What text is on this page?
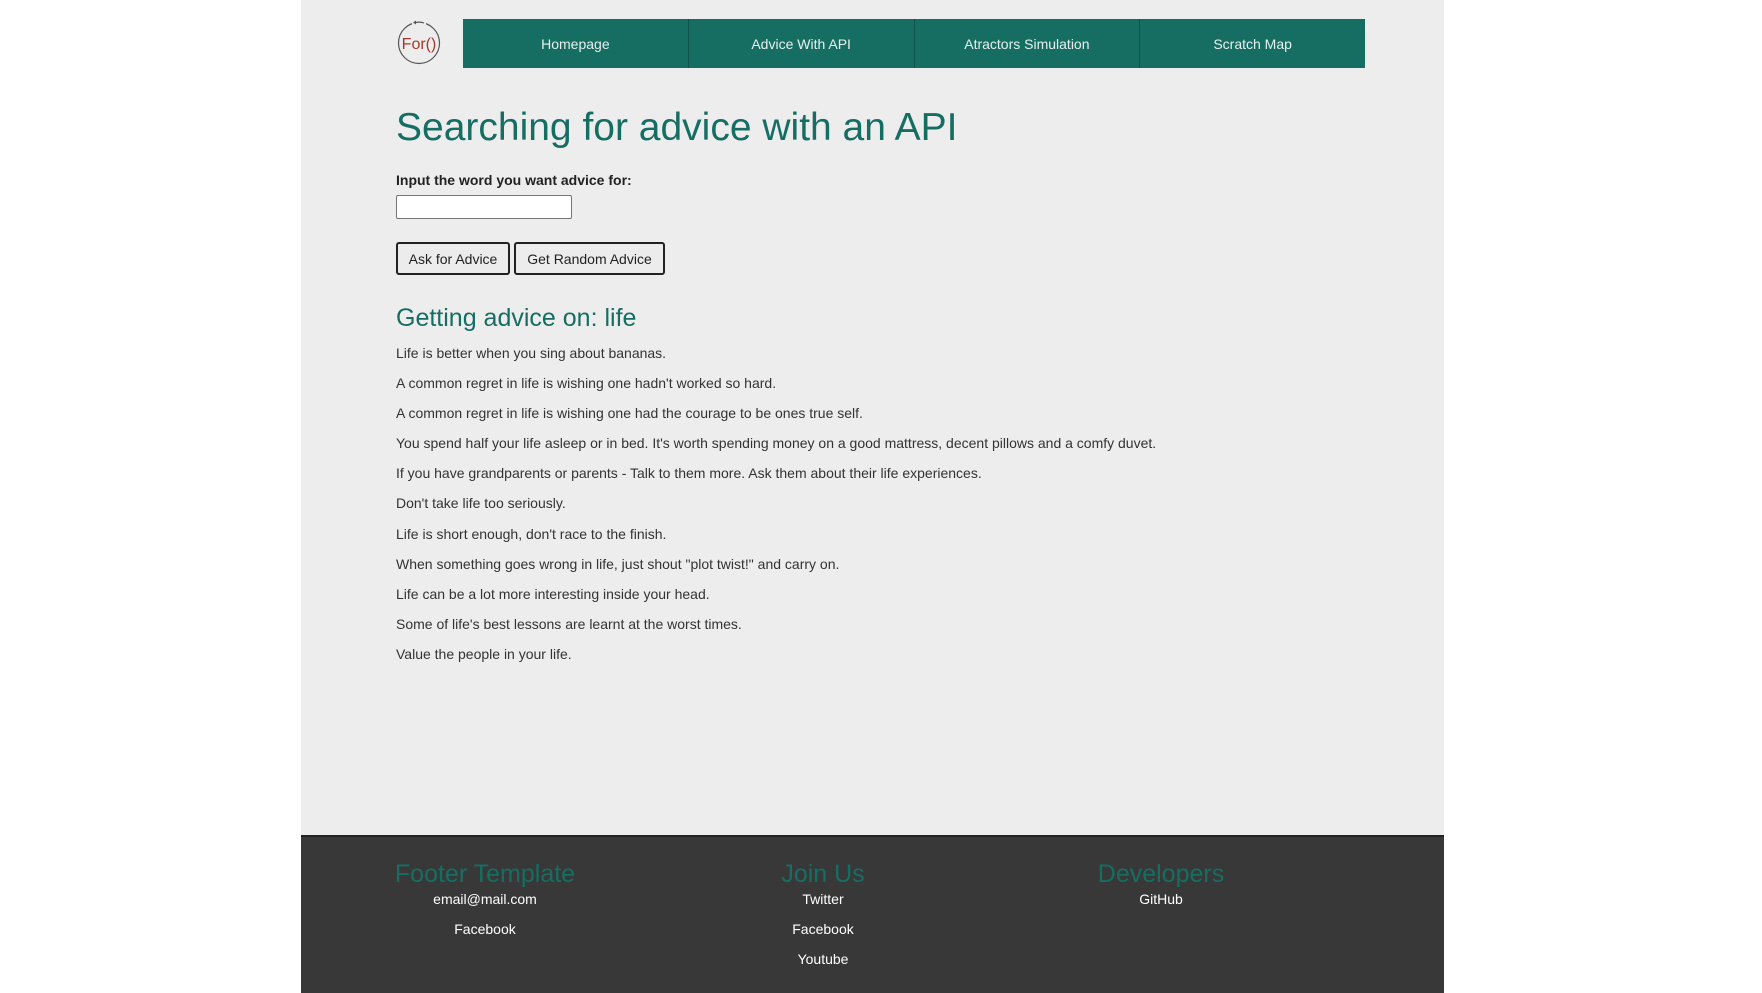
For()	Homepage	Advice With API	Atractors Simulation	Scratch Map
Searching for advice with an API
Input the word you want advice for:
Ask for Advice	Get Random Advice
Getting advice on: life
Life is better when you sing about bananas.
A common regret in life is wishing one hadn't worked so hard.
A common regret in life is wishing one had the courage to be ones true self.
You spend half your life asleep or in bed. It's worth spending money on a good mattress, decent pillows and a comfy duvet.
If you have grandparents or parents - Talk to them more. Ask them about their life experiences.
Don't take life too seriously.
Life is short enough, don't race to the finish.
When something goes wrong in life, just shout "plot twist!" and carry on.
Life can be a lot more interesting inside your head.
Some of life's best lessons are learnt at the worst times.
Value the people in your life.
Footer Template
email@mail.com
Facebook
Join Us
Twitter
Facebook
Youtube
Developers
GitHub
